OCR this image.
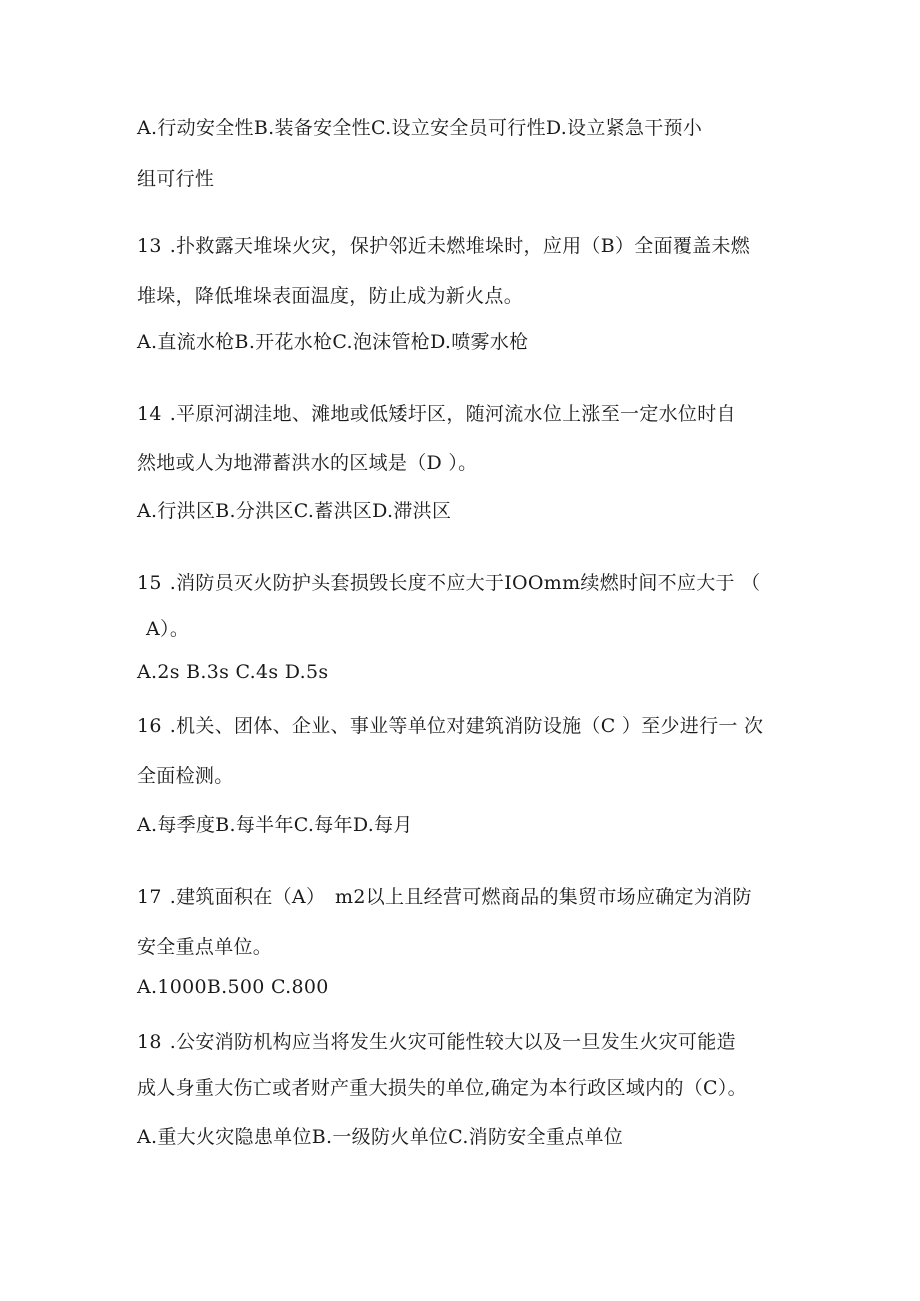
A.行动安全性B.装备安全性C.设立安全员可行性D.设立紧急干预小
组可行性
13 .扑救露天堆垛火灾，保护邻近未燃堆垛时，应用（B）全面覆盖未燃
堆垛，降低堆垛表面温度，防止成为新火点。
A.直流水枪B.开花水枪C.泡沫管枪D.喷雾水枪
14 .平原河湖洼地、滩地或低矮圩区，随河流水位上涨至一定水位时自
然地或人为地滞蓄洪水的区域是（D ）。
A.行洪区B.分洪区C.蓄洪区D.滞洪区
15 .消防员灭火防护头套损毁长度不应大于IOOmm续燃时间不应大于 （
A）。
A.2s B.3s C.4s D.5s
16 .机关、团体、企业、事业等单位对建筑消防设施（C ）至少进行一 次
全面检测。
A.每季度B.每半年C.每年D.每月
17 .建筑面积在（A）　m2以上且经营可燃商品的集贸市场应确定为消防
安全重点单位。
A.1000B.500 C.800
18 .公安消防机构应当将发生火灾可能性较大以及一旦发生火灾可能造
成人身重大伤亡或者财产重大损失的单位,确定为本行政区域内的（C）。
A.重大火灾隐患单位B.一级防火单位C.消防安全重点单位
